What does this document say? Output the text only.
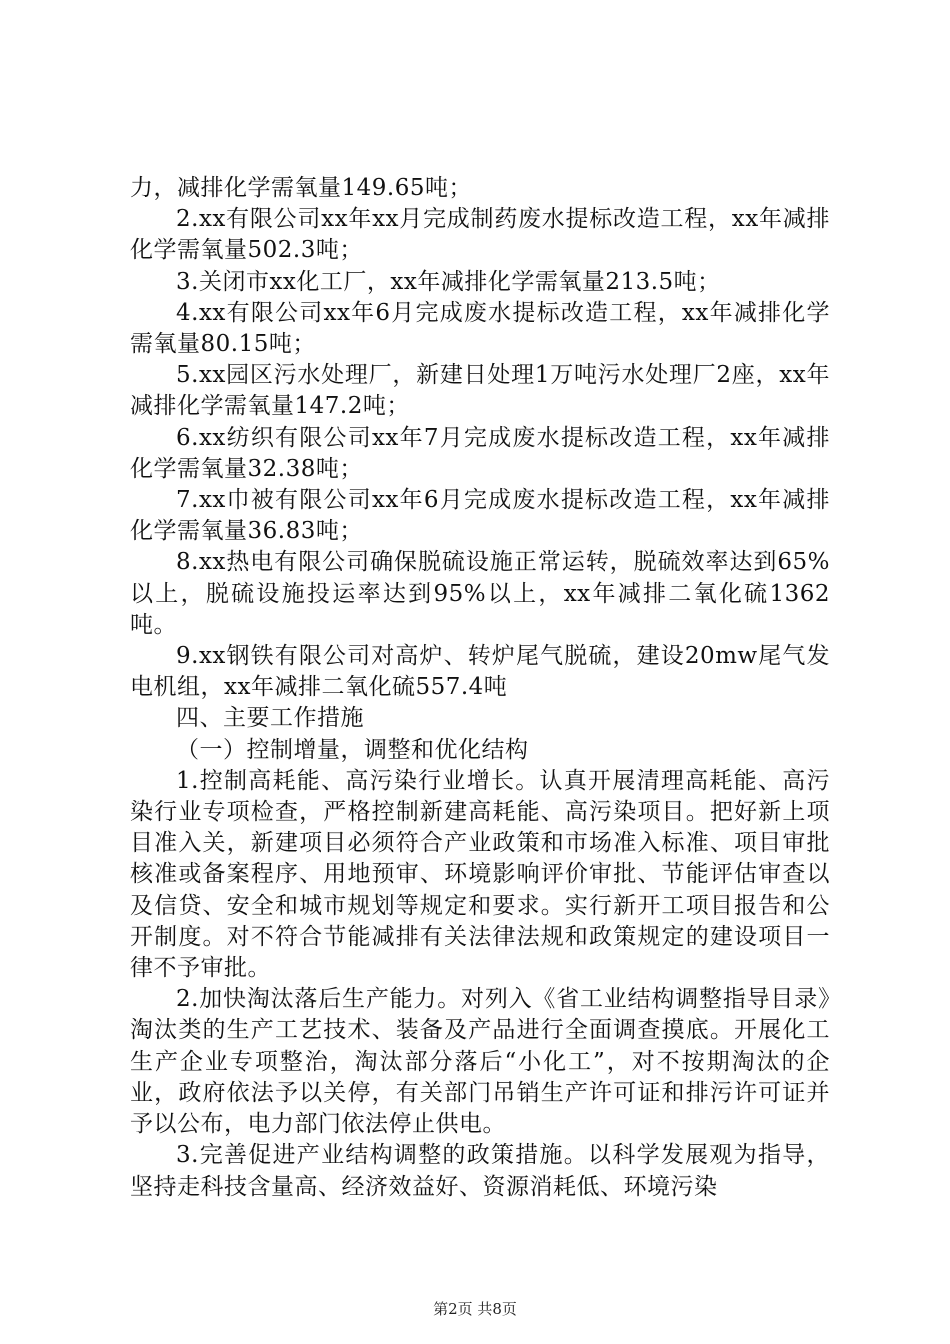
力，减排化学需氧量149.65吨；

2.xx有限公司xx年xx月完成制药废水提标改造工程，xx年减排化学需氧量502.3吨；

3.关闭市xx化工厂，xx年减排化学需氧量213.5吨；

4.xx有限公司xx年6月完成废水提标改造工程，xx年减排化学需氧量80.15吨；

5.xx园区污水处理厂，新建日处理1万吨污水处理厂2座，xx年减排化学需氧量147.2吨；

6.xx纺织有限公司xx年7月完成废水提标改造工程，xx年减排化学需氧量32.38吨；

7.xx巾被有限公司xx年6月完成废水提标改造工程，xx年减排化学需氧量36.83吨；

8.xx热电有限公司确保脱硫设施正常运转，脱硫效率达到65%以上，脱硫设施投运率达到95%以上，xx年减排二氧化硫1362吨。

9.xx钢铁有限公司对高炉、转炉尾气脱硫，建设20mw尾气发电机组，xx年减排二氧化硫557.4吨

四、主要工作措施

（一）控制增量，调整和优化结构

1.控制高耗能、高污染行业增长。认真开展清理高耗能、高污染行业专项检查，严格控制新建高耗能、高污染项目。把好新上项目准入关，新建项目必须符合产业政策和市场准入标准、项目审批核准或备案程序、用地预审、环境影响评价审批、节能评估审查以及信贷、安全和城市规划等规定和要求。实行新开工项目报告和公开制度。对不符合节能减排有关法律法规和政策规定的建设项目一律不予审批。

2.加快淘汰落后生产能力。对列入《省工业结构调整指导目录》淘汰类的生产工艺技术、装备及产品进行全面调查摸底。开展化工生产企业专项整治，淘汰部分落后“小化工”，对不按期淘汰的企业，政府依法予以关停，有关部门吊销生产许可证和排污许可证并予以公布，电力部门依法停止供电。

3.完善促进产业结构调整的政策措施。以科学发展观为指导，坚持走科技含量高、经济效益好、资源消耗低、环境污染

第2页 共8页
